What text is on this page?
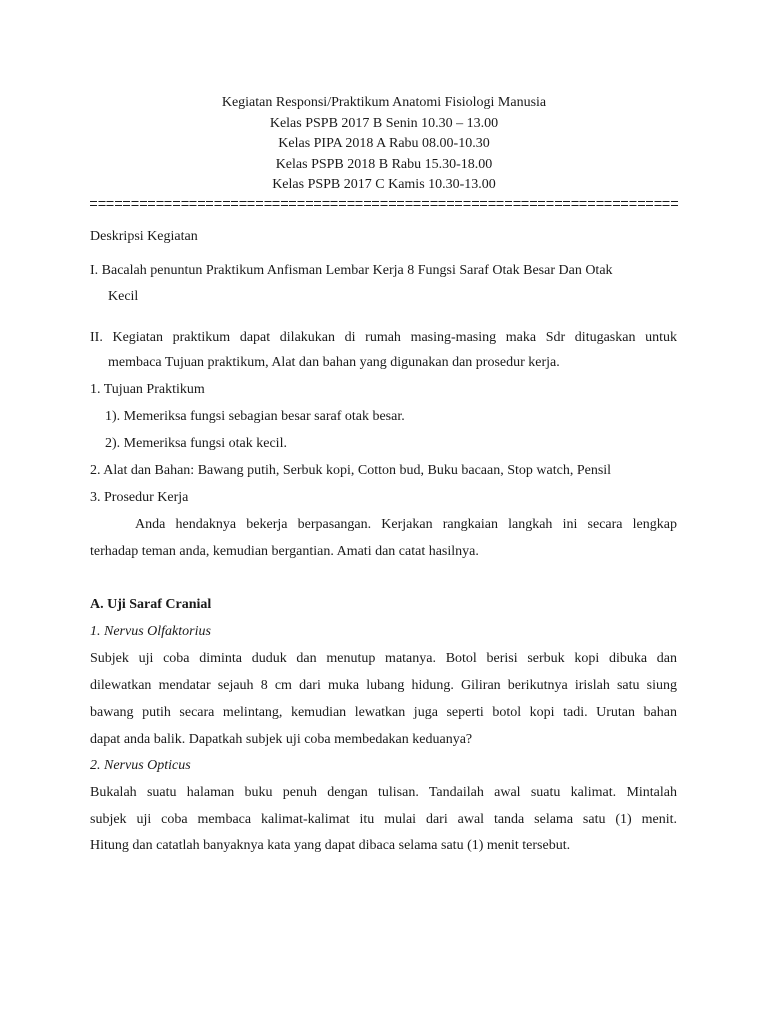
Kegiatan Responsi/Praktikum Anatomi Fisiologi Manusia
Kelas PSPB 2017 B Senin 10.30 – 13.00
Kelas PIPA 2018 A Rabu 08.00-10.30
Kelas PSPB 2018 B Rabu 15.30-18.00
Kelas PSPB 2017 C Kamis 10.30-13.00
Deskripsi Kegiatan
I. Bacalah penuntun Praktikum Anfisman Lembar Kerja 8 Fungsi Saraf Otak Besar Dan Otak
Kecil
II. Kegiatan praktikum dapat dilakukan di rumah masing-masing maka Sdr ditugaskan untuk
membaca Tujuan praktikum, Alat dan bahan yang digunakan dan prosedur kerja.
1. Tujuan Praktikum
1). Memeriksa fungsi sebagian besar saraf otak besar.
2). Memeriksa fungsi otak kecil.
2. Alat dan Bahan: Bawang putih, Serbuk kopi, Cotton bud, Buku bacaan, Stop watch, Pensil
3. Prosedur Kerja
Anda hendaknya bekerja berpasangan. Kerjakan rangkaian langkah ini secara lengkap
terhadap teman anda, kemudian bergantian. Amati dan catat hasilnya.
A. Uji Saraf Cranial
1. Nervus Olfaktorius
Subjek uji coba diminta duduk dan menutup matanya. Botol berisi serbuk kopi dibuka dan
dilewatkan mendatar sejauh 8 cm dari muka lubang hidung. Giliran berikutnya irislah satu siung
bawang putih secara melintang, kemudian lewatkan juga seperti botol kopi tadi. Urutan bahan
dapat anda balik. Dapatkah subjek uji coba membedakan keduanya?
2. Nervus Opticus
Bukalah suatu halaman buku penuh dengan tulisan. Tandailah awal suatu kalimat. Mintalah
subjek uji coba membaca kalimat-kalimat itu mulai dari awal tanda selama satu (1) menit.
Hitung dan catatlah banyaknya kata yang dapat dibaca selama satu (1) menit tersebut.
